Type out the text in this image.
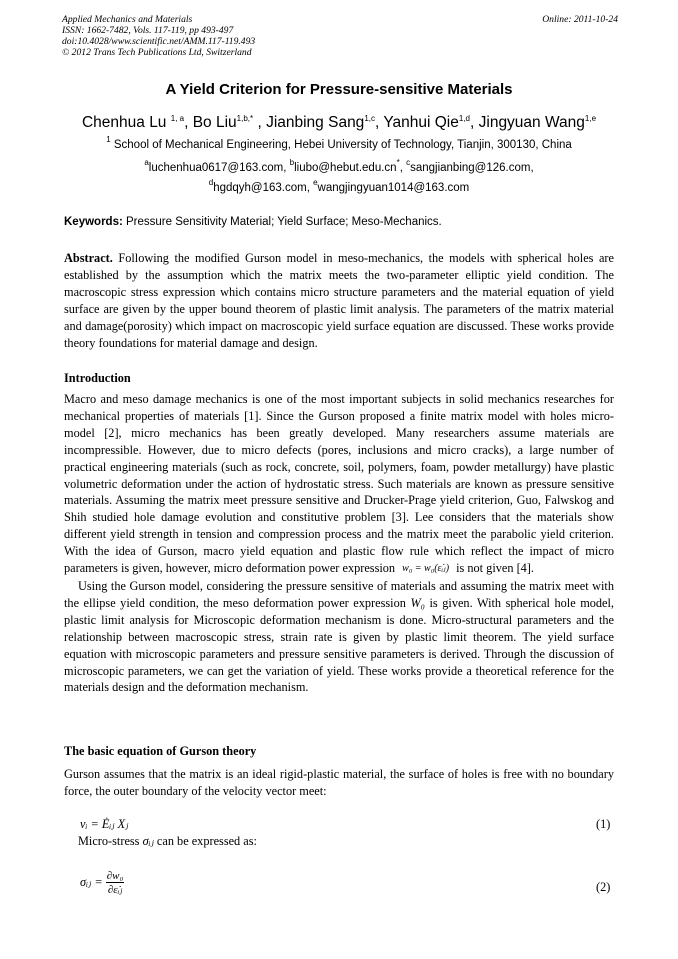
Applied Mechanics and Materials
ISSN: 1662-7482, Vols. 117-119, pp 493-497
doi:10.4028/www.scientific.net/AMM.117-119.493
© 2012 Trans Tech Publications Ltd, Switzerland
Online: 2011-10-24
A Yield Criterion for Pressure-sensitive Materials
Chenhua Lu $^{1, a}$, Bo Liu$^{1,b,*}$ , Jianbing Sang$^{1,c}$, Yanhui Qie$^{1,d}$, Jingyuan Wang$^{1,e}$
$^1$ School of Mechanical Engineering, Hebei University of Technology, Tianjin, 300130, China
$^a$luchenhua0617@163.com, $^b$liubo@hebut.edu.cn*, $^c$sangjianbing@126.com,
$^d$hgdqyh@163.com, $^e$wangjingyuan1014@163.com
Keywords: Pressure Sensitivity Material; Yield Surface; Meso-Mechanics.
Abstract. Following the modified Gurson model in meso-mechanics, the models with spherical holes are established by the assumption which the matrix meets the two-parameter elliptic yield condition. The macroscopic stress expression which contains micro structure parameters and the material equation of yield surface are given by the upper bound theorem of plastic limit analysis. The parameters of the matrix material and damage(porosity) which impact on macroscopic yield surface equation are discussed. These works provide theory foundations for material damage and design.
Introduction
Macro and meso damage mechanics is one of the most important subjects in solid mechanics researches for mechanical properties of materials [1]. Since the Gurson proposed a finite matrix model with holes micro-model [2], micro mechanics has been greatly developed. Many researchers assume materials are incompressible. However, due to micro defects (pores, inclusions and micro cracks), a large number of practical engineering materials (such as rock, concrete, soil, polymers, foam, powder metallurgy) have plastic volumetric deformation under the action of hydrostatic stress. Such materials are known as pressure sensitive materials. Assuming the matrix meet pressure sensitive and Drucker-Prage yield criterion, Guo, Falwskog and Shih studied hole damage evolution and constitutive problem [3]. Lee considers that the materials show different yield strength in tension and compression process and the matrix meet the parabolic yield criterion. With the idea of Gurson, macro yield equation and plastic flow rule which reflect the impact of micro parameters is given, however, micro deformation power expression w₀ = w₀(ε̇ᵢⱼ) is not given [4].
Using the Gurson model, considering the pressure sensitive of materials and assuming the matrix meet with the ellipse yield condition, the meso deformation power expression W₀ is given. With spherical hole model, plastic limit analysis for Microscopic deformation mechanism is done. Micro-structural parameters and the relationship between macroscopic stress, strain rate is given by plastic limit theorem. The yield surface equation with microscopic parameters and pressure sensitive parameters is derived. Through the discussion of microscopic parameters, we can get the variation of yield. These works provide a theoretical reference for the materials design and the deformation mechanism.
The basic equation of Gurson theory
Gurson assumes that the matrix is an ideal rigid-plastic material, the surface of holes is free with no boundary force, the outer boundary of the velocity vector meet:
vᵢ = Ėᵢⱼ Xⱼ	(1)
Micro-stress σᵢⱼ can be expressed as:
σᵢⱼ = $\frac{\text{∂w₀}}{\text{∂ε̇ᵢⱼ}}$	(2)
